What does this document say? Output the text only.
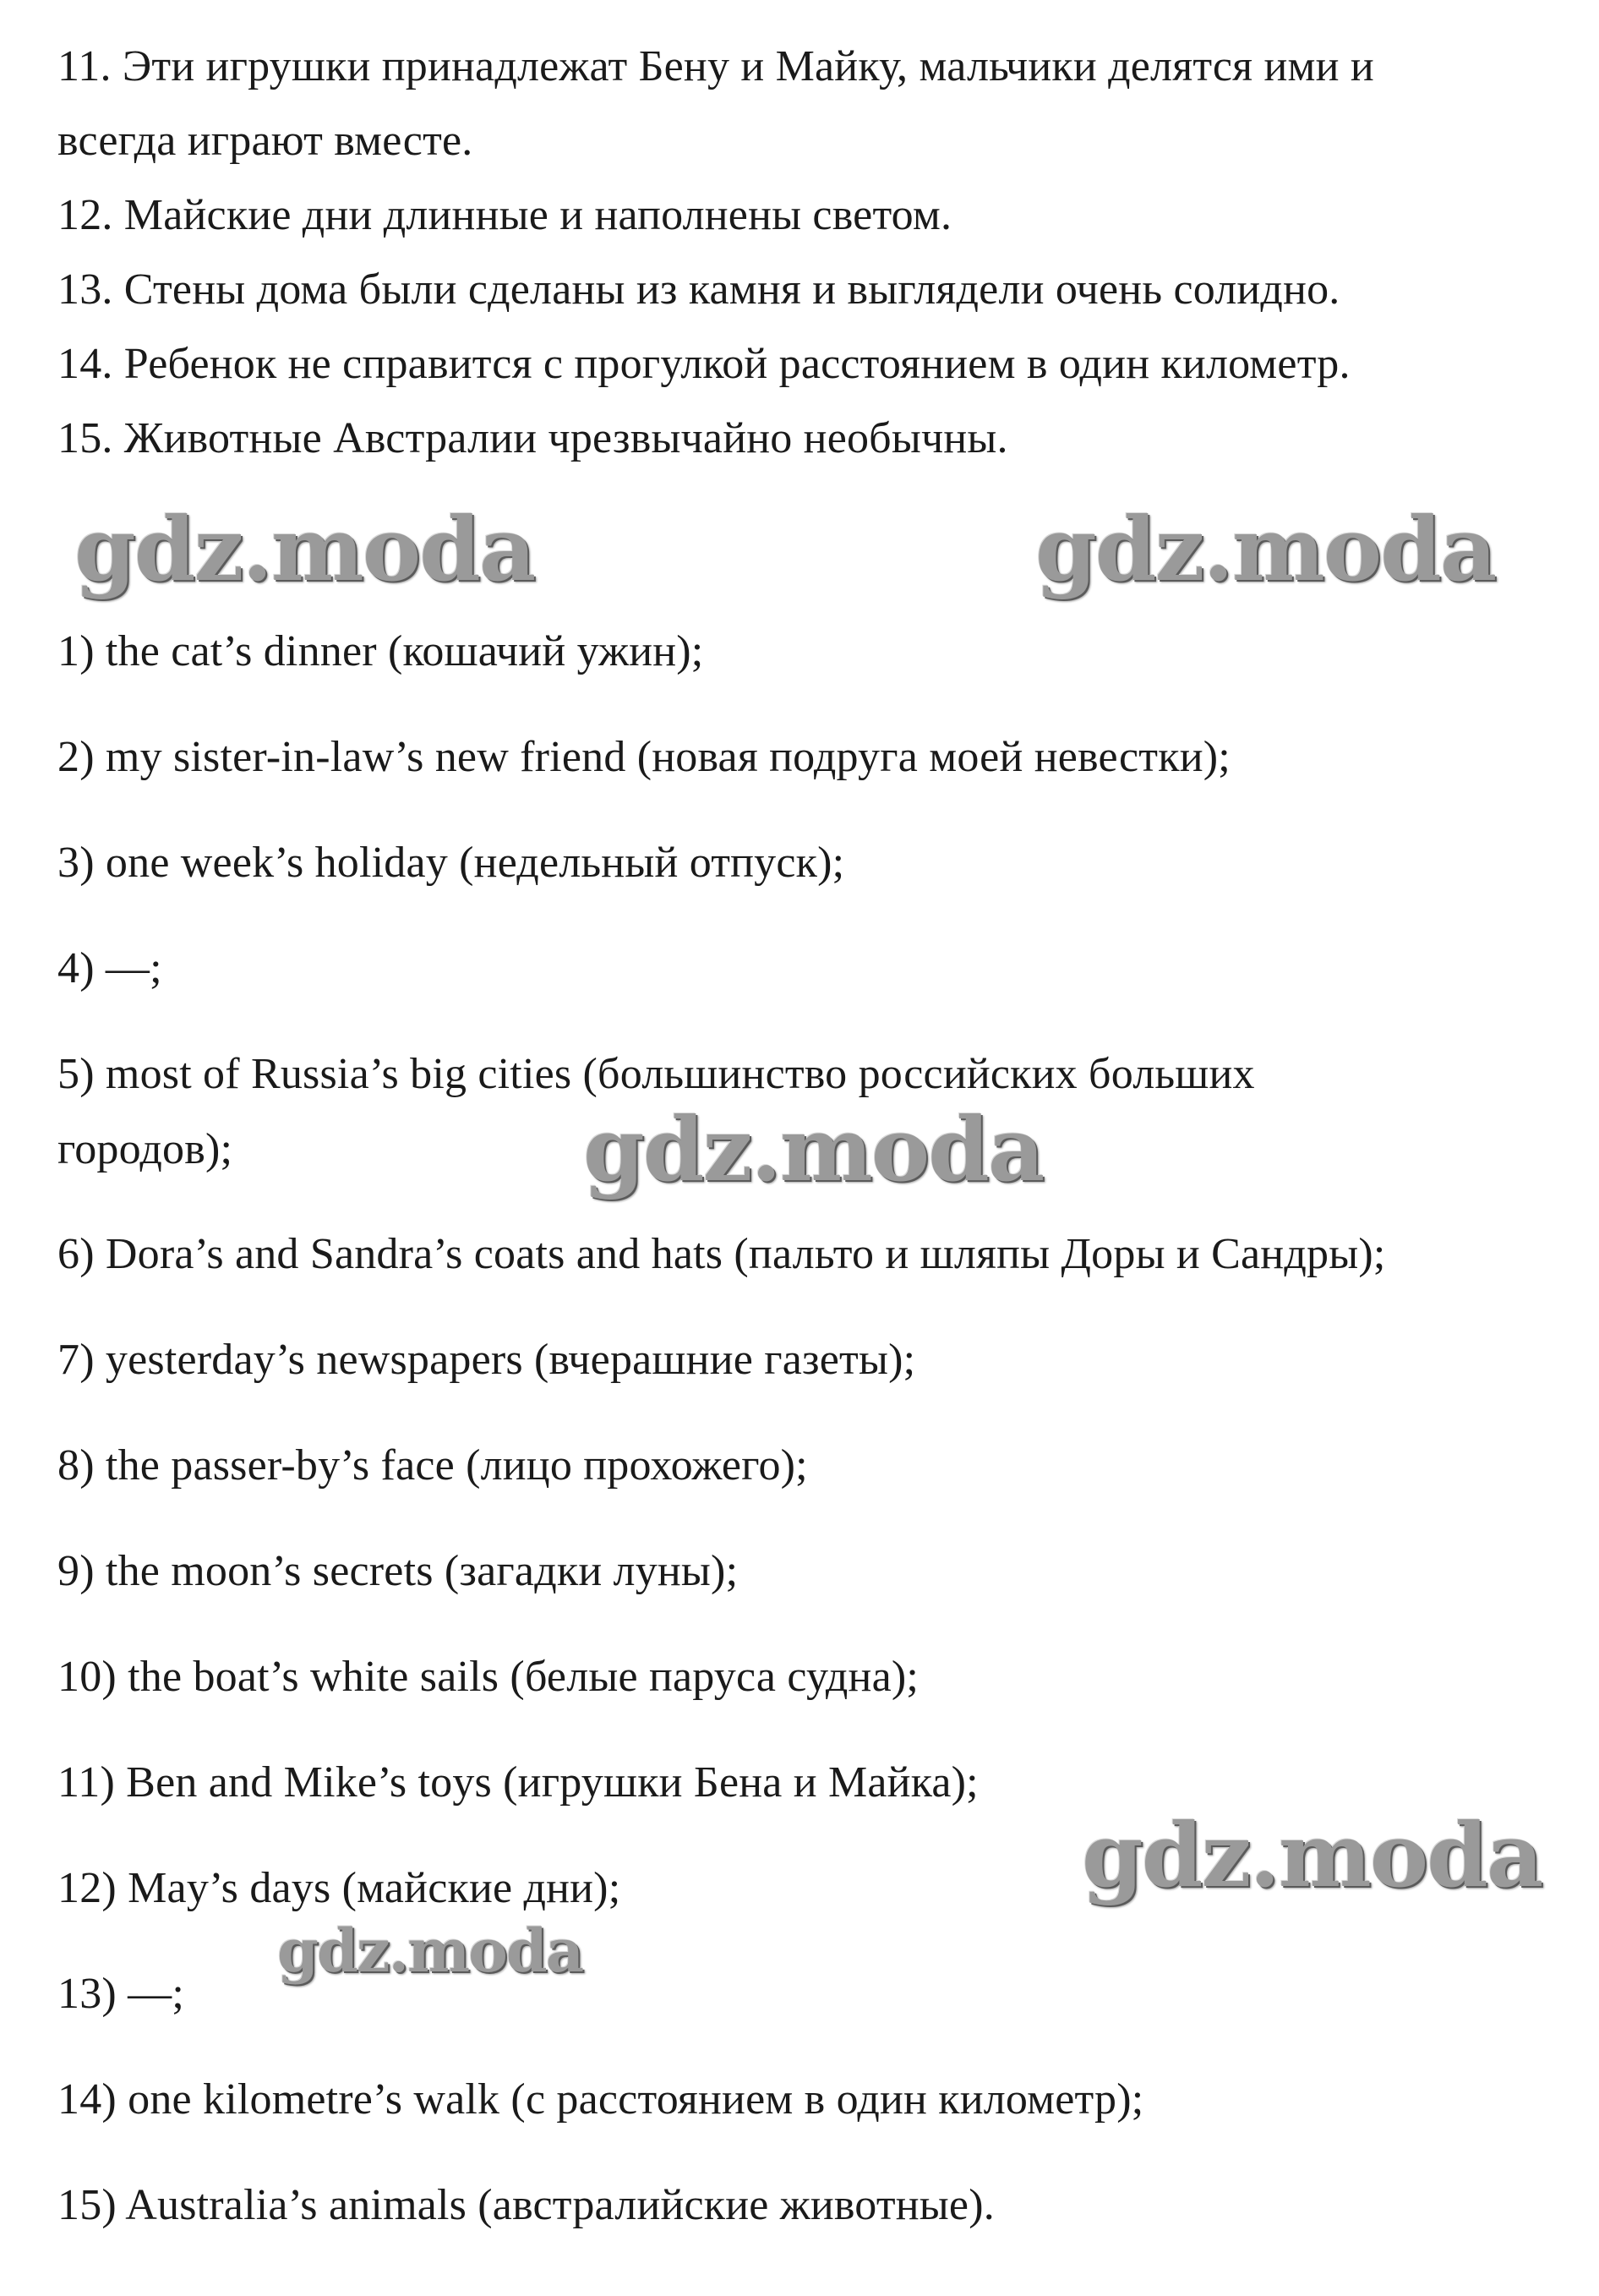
11. Эти игрушки принадлежат Бену и Майку, мальчики делятся ими и
всегда играют вместе.
12. Майские дни длинные и наполнены светом.
13. Стены дома были сделаны из камня и выглядели очень солидно.
14. Ребенок не справится с прогулкой расстоянием в один километр.
15. Животные Австралии чрезвычайно необычны.
gdz.moda	gdz.moda
gdz.moda
gdz.moda
gdz.moda
1) the cat’s dinner (кошачий ужин);
2) my sister-in-law’s new friend (новая подруга моей невестки);
3) one week’s holiday (недельный отпуск);
4) —;
5) most of Russia’s big cities (большинство российских больших
городов);
6) Dora’s and Sandra’s coats and hats (пальто и шляпы Доры и Сандры);
7) yesterday’s newspapers (вчерашние газеты);
8) the passer-by’s face (лицо прохожего);
9) the moon’s secrets (загадки луны);
10) the boat’s white sails (белые паруса судна);
11) Ben and Mike’s toys (игрушки Бена и Майка);
12) May’s days (майские дни);
13) —;
14) one kilometre’s walk (с расстоянием в один километр);
15) Australia’s animals (австралийские животные).
